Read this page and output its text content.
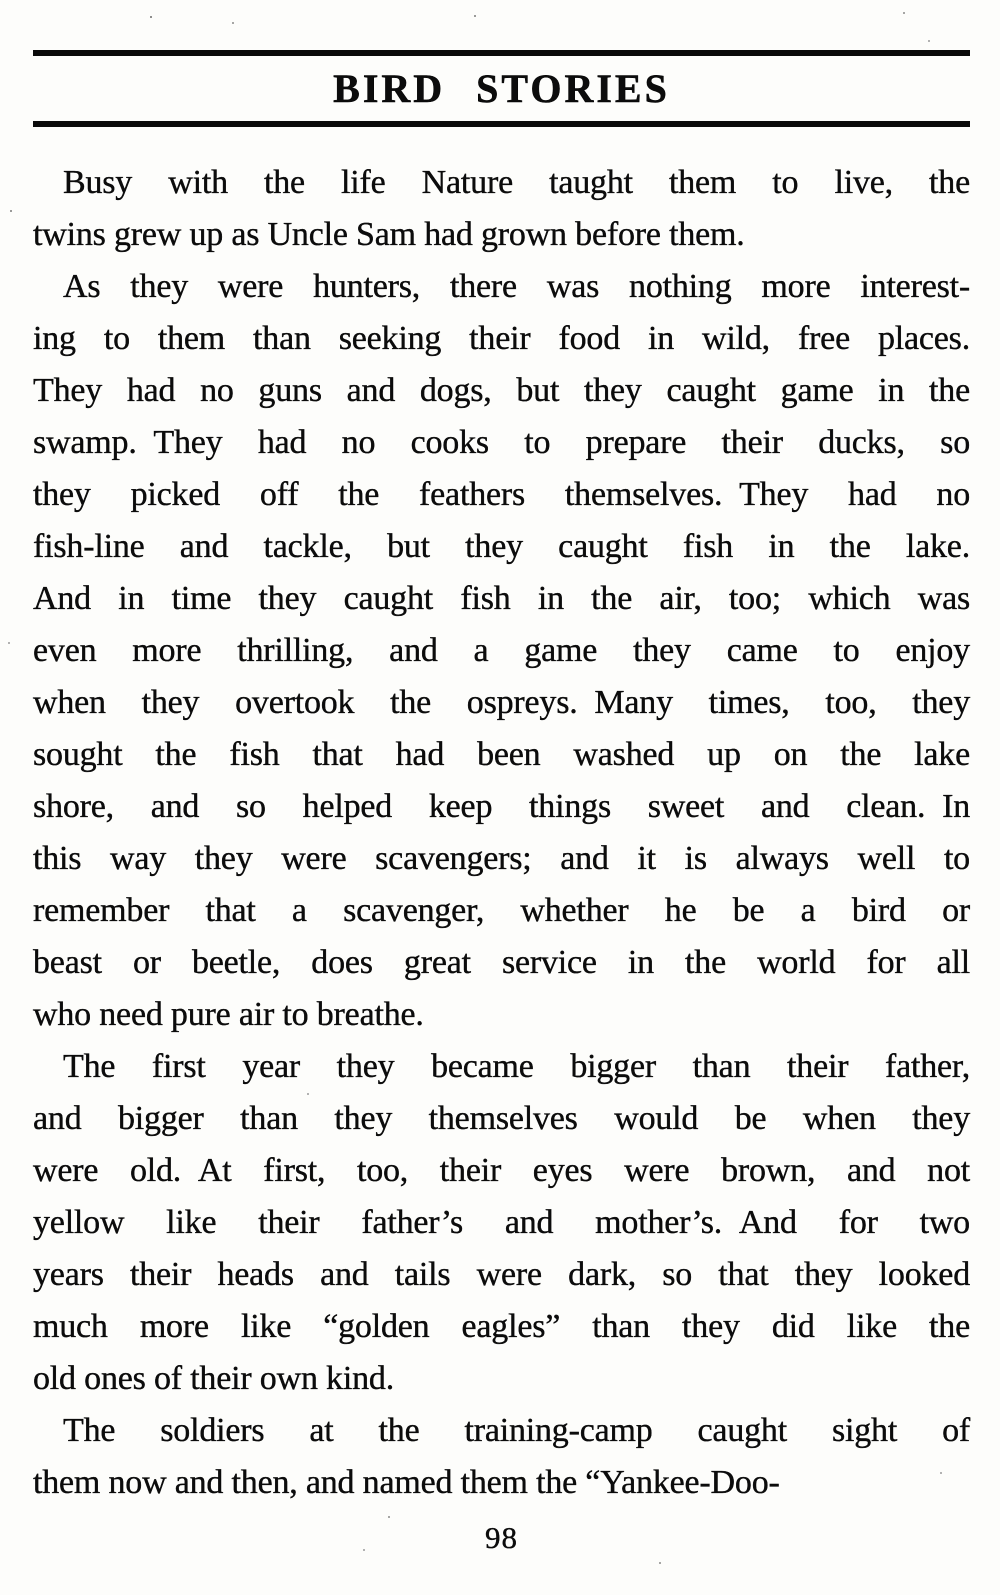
BIRD STORIES
Busy with the life Nature taught them to live, the
twins grew up as Uncle Sam had grown before them.
As they were hunters, there was nothing more interest-
ing to them than seeking their food in wild, free places.
They had no guns and dogs, but they caught game in the
swamp. They had no cooks to prepare their ducks, so
they picked off the feathers themselves. They had no
fish-line and tackle, but they caught fish in the lake.
And in time they caught fish in the air, too; which was
even more thrilling, and a game they came to enjoy
when they overtook the ospreys. Many times, too, they
sought the fish that had been washed up on the lake
shore, and so helped keep things sweet and clean. In
this way they were scavengers; and it is always well to
remember that a scavenger, whether he be a bird or
beast or beetle, does great service in the world for all
who need pure air to breathe.
The first year they became bigger than their father,
and bigger than they themselves would be when they
were old. At first, too, their eyes were brown, and not
yellow like their father’s and mother’s. And for two
years their heads and tails were dark, so that they looked
much more like “golden eagles” than they did like the
old ones of their own kind.
The soldiers at the training-camp caught sight of
them now and then, and named them the “Yankee-Doo-
98
